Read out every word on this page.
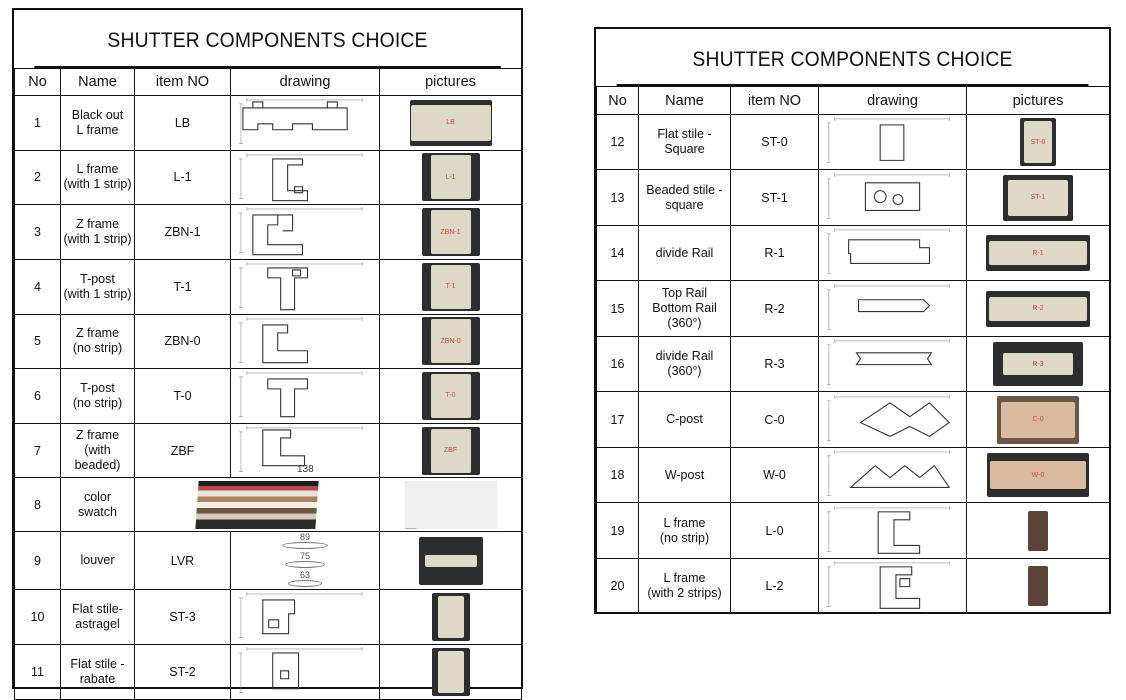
SHUTTER COMPONENTS CHOICE
No	Name	item NO	drawing	pictures
1	Black out
L frame	LB		LB

2	L frame
(with 1 strip)	L-1		L-1

3	Z frame
(with 1 strip)	ZBN-1		ZBN-1

4	T-post
(with 1 strip)	T-1		T-1

5	Z frame
(no strip)	ZBN-0		ZBN-0

6	T-post
(no strip)	T-0		T-0

7	Z frame
(with beaded)	ZBF	138	ZBF

8	color swatch			

9	louver	LVR	89
75
63	

10	Flat stile-
astragel	ST-3	

11	Flat stile -
rabate	ST-2	

SHUTTER COMPONENTS CHOICE
No	Name	item NO	drawing	pictures
12	Flat stile -
Square	ST-0		ST-0

13	Beaded stile -
square	ST-1		ST-1

14	divide Rail	R-1		R-1

15	Top Rail
Bottom Rail
(360°)	R-2		R-2

16	divide Rail
(360°)	R-3		R-3

17	C-post	C-0		C-0

18	W-post	W-0		W-0

19	L frame
(no strip)	L-0	

20	L frame
(with 2 strips)	L-2	
